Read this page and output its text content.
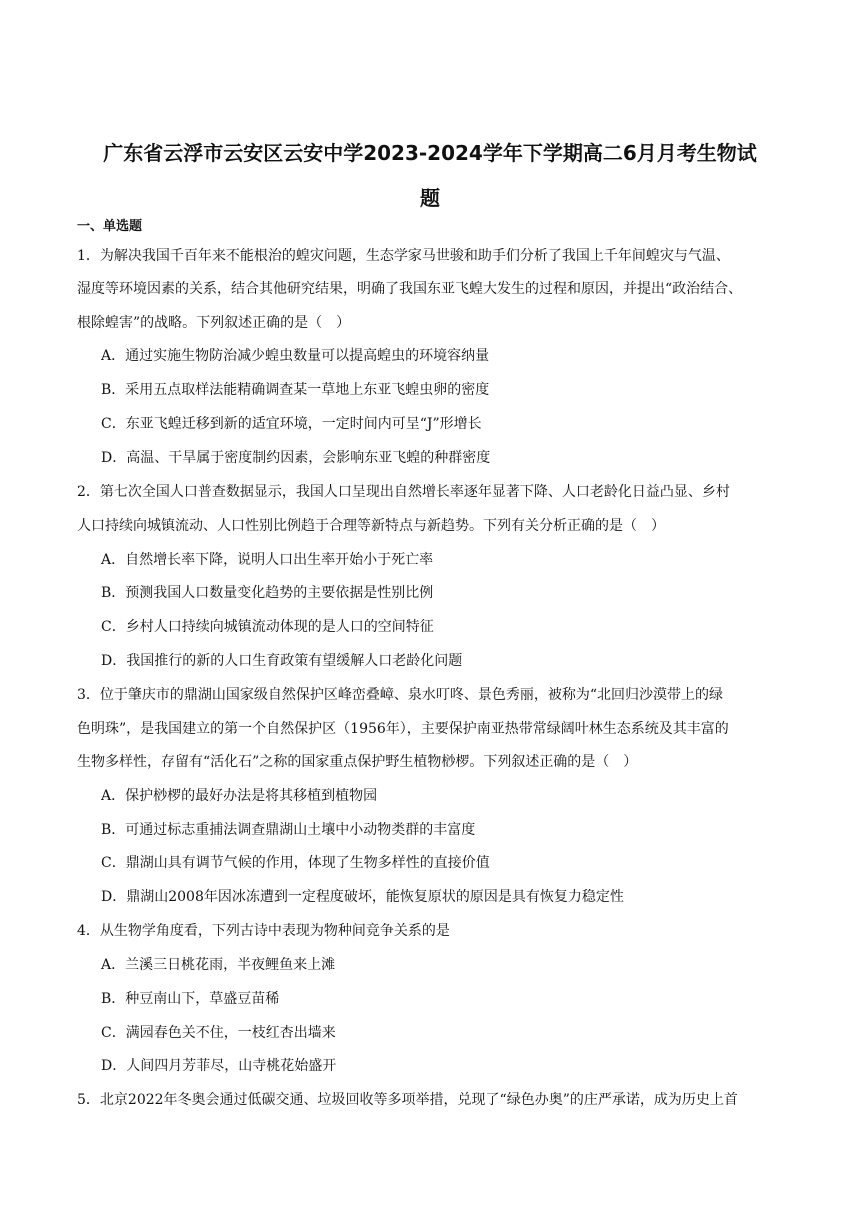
广东省云浮市云安区云安中学2023-2024学年下学期高二6月月考生物试
题
一、单选题
1．为解决我国千百年来不能根治的蝗灾问题，生态学家马世骏和助手们分析了我国上千年间蝗灾与气温、
湿度等环境因素的关系，结合其他研究结果，明确了我国东亚飞蝗大发生的过程和原因，并提出“政治结合、
根除蝗害”的战略。下列叙述正确的是（　）
A．通过实施生物防治减少蝗虫数量可以提高蝗虫的环境容纳量
B．采用五点取样法能精确调查某一草地上东亚飞蝗虫卵的密度
C．东亚飞蝗迁移到新的适宜环境，一定时间内可呈“J”形增长
D．高温、干旱属于密度制约因素，会影响东亚飞蝗的种群密度
2．第七次全国人口普查数据显示，我国人口呈现出自然增长率逐年显著下降、人口老龄化日益凸显、乡村
人口持续向城镇流动、人口性别比例趋于合理等新特点与新趋势。下列有关分析正确的是（　）
A．自然增长率下降，说明人口出生率开始小于死亡率
B．预测我国人口数量变化趋势的主要依据是性别比例
C．乡村人口持续向城镇流动体现的是人口的空间特征
D．我国推行的新的人口生育政策有望缓解人口老龄化问题
3．位于肇庆市的鼎湖山国家级自然保护区峰峦叠嶂、泉水叮咚、景色秀丽，被称为“北回归沙漠带上的绿
色明珠”，是我国建立的第一个自然保护区（1956年），主要保护南亚热带常绿阔叶林生态系统及其丰富的
生物多样性，存留有“活化石”之称的国家重点保护野生植物桫椤。下列叙述正确的是（　）
A．保护桫椤的最好办法是将其移植到植物园
B．可通过标志重捕法调查鼎湖山土壤中小动物类群的丰富度
C．鼎湖山具有调节气候的作用，体现了生物多样性的直接价值
D．鼎湖山2008年因冰冻遭到一定程度破坏，能恢复原状的原因是具有恢复力稳定性
4．从生物学角度看，下列古诗中表现为物种间竞争关系的是
A．兰溪三日桃花雨，半夜鲤鱼来上滩
B．种豆南山下，草盛豆苗稀
C．满园春色关不住，一枝红杏出墙来
D．人间四月芳菲尽，山寺桃花始盛开
5．北京2022年冬奥会通过低碳交通、垃圾回收等多项举措，兑现了“绿色办奥”的庄严承诺，成为历史上首
